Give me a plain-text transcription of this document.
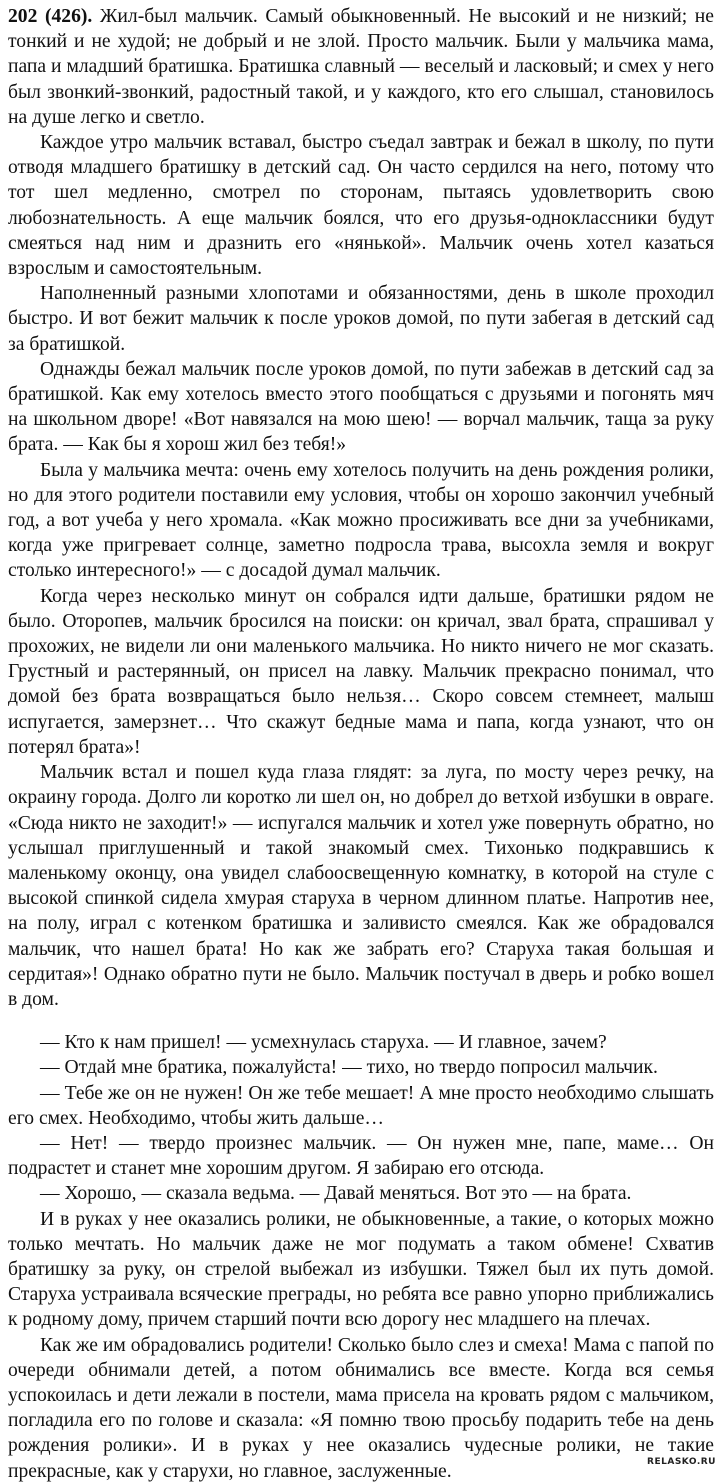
202 (426). Жил-был мальчик. Самый обыкновенный. Не высокий и не низкий; не тонкий и не худой; не добрый и не злой. Просто мальчик. Были у мальчика мама, папа и младший братишка. Братишка славный — веселый и ласковый; и смех у него был звонкий-звонкий, радостный такой, и у каждого, кто его слышал, становилось на душе легко и светло.

Каждое утро мальчик вставал, быстро съедал завтрак и бежал в школу, по пути отводя младшего братишку в детский сад. Он часто сердился на него, потому что тот шел медленно, смотрел по сторонам, пытаясь удовлетворить свою любознательность. А еще мальчик боялся, что его друзья-одноклассники будут смеяться над ним и дразнить его «нянькой». Мальчик очень хотел казаться взрослым и самостоятельным.

Наполненный разными хлопотами и обязанностями, день в школе проходил быстро. И вот бежит мальчик к после уроков домой, по пути забегая в детский сад за братишкой.

Однажды бежал мальчик после уроков домой, по пути забежав в детский сад за братишкой. Как ему хотелось вместо этого пообщаться с друзьями и погонять мяч на школьном дворе! «Вот навязался на мою шею! — ворчал мальчик, таща за руку брата. — Как бы я хорош жил без тебя!»

Была у мальчика мечта: очень ему хотелось получить на день рождения ролики, но для этого родители поставили ему условия, чтобы он хорошо закончил учебный год, а вот учеба у него хромала. «Как можно просиживать все дни за учебниками, когда уже пригревает солнце, заметно подросла трава, высохла земля и вокруг столько интересного!» — с досадой думал мальчик.

Когда через несколько минут он собрался идти дальше, братишки рядом не было. Оторопев, мальчик бросился на поиски: он кричал, звал брата, спрашивал у прохожих, не видели ли они маленького мальчика. Но никто ничего не мог сказать. Грустный и растерянный, он присел на лавку. Мальчик прекрасно понимал, что домой без брата возвращаться было нельзя… Скоро совсем стемнеет, малыш испугается, замерзнет… Что скажут бедные мама и папа, когда узнают, что он потерял брата»!

Мальчик встал и пошел куда глаза глядят: за луга, по мосту через речку, на окраину города. Долго ли коротко ли шел он, но добрел до ветхой избушки в овраге. «Сюда никто не заходит!» — испугался мальчик и хотел уже повернуть обратно, но услышал приглушенный и такой знакомый смех. Тихонько подкравшись к маленькому оконцу, она увидел слабоосвещенную комнатку, в которой на стуле с высокой спинкой сидела хмурая старуха в черном длинном платье. Напротив нее, на полу, играл с котенком братишка и заливисто смеялся. Как же обрадовался мальчик, что нашел брата! Но как же забрать его? Старуха такая большая и сердитая»! Однако обратно пути не было. Мальчик постучал в дверь и робко вошел в дом.

— Кто к нам пришел! — усмехнулась старуха. — И главное, зачем?

— Отдай мне братика, пожалуйста! — тихо, но твердо попросил мальчик.

— Тебе же он не нужен! Он же тебе мешает! А мне просто необходимо слышать его смех. Необходимо, чтобы жить дальше…

— Нет! — твердо произнес мальчик. — Он нужен мне, папе, маме… Он подрастет и станет мне хорошим другом. Я забираю его отсюда.

— Хорошо, — сказала ведьма. — Давай меняться. Вот это — на брата.

И в руках у нее оказались ролики, не обыкновенные, а такие, о которых можно только мечтать. Но мальчик даже не мог подумать а таком обмене! Схватив братишку за руку, он стрелой выбежал из избушки. Тяжел был их путь домой. Старуха устраивала всяческие преграды, но ребята все равно упорно приближались к родному дому, причем старший почти всю дорогу нес младшего на плечах.

Как же им обрадовались родители! Сколько было слез и смеха! Мама с папой по очереди обнимали детей, а потом обнимались все вместе. Когда вся семья успокоилась и дети лежали в постели, мама присела на кровать рядом с мальчиком, погладила его по голове и сказала: «Я помню твою просьбу подарить тебе на день рождения ролики». И в руках у нее оказались чудесные ролики, не такие прекрасные, как у старухи, но главное, заслуженные.	RELASKO.RU
